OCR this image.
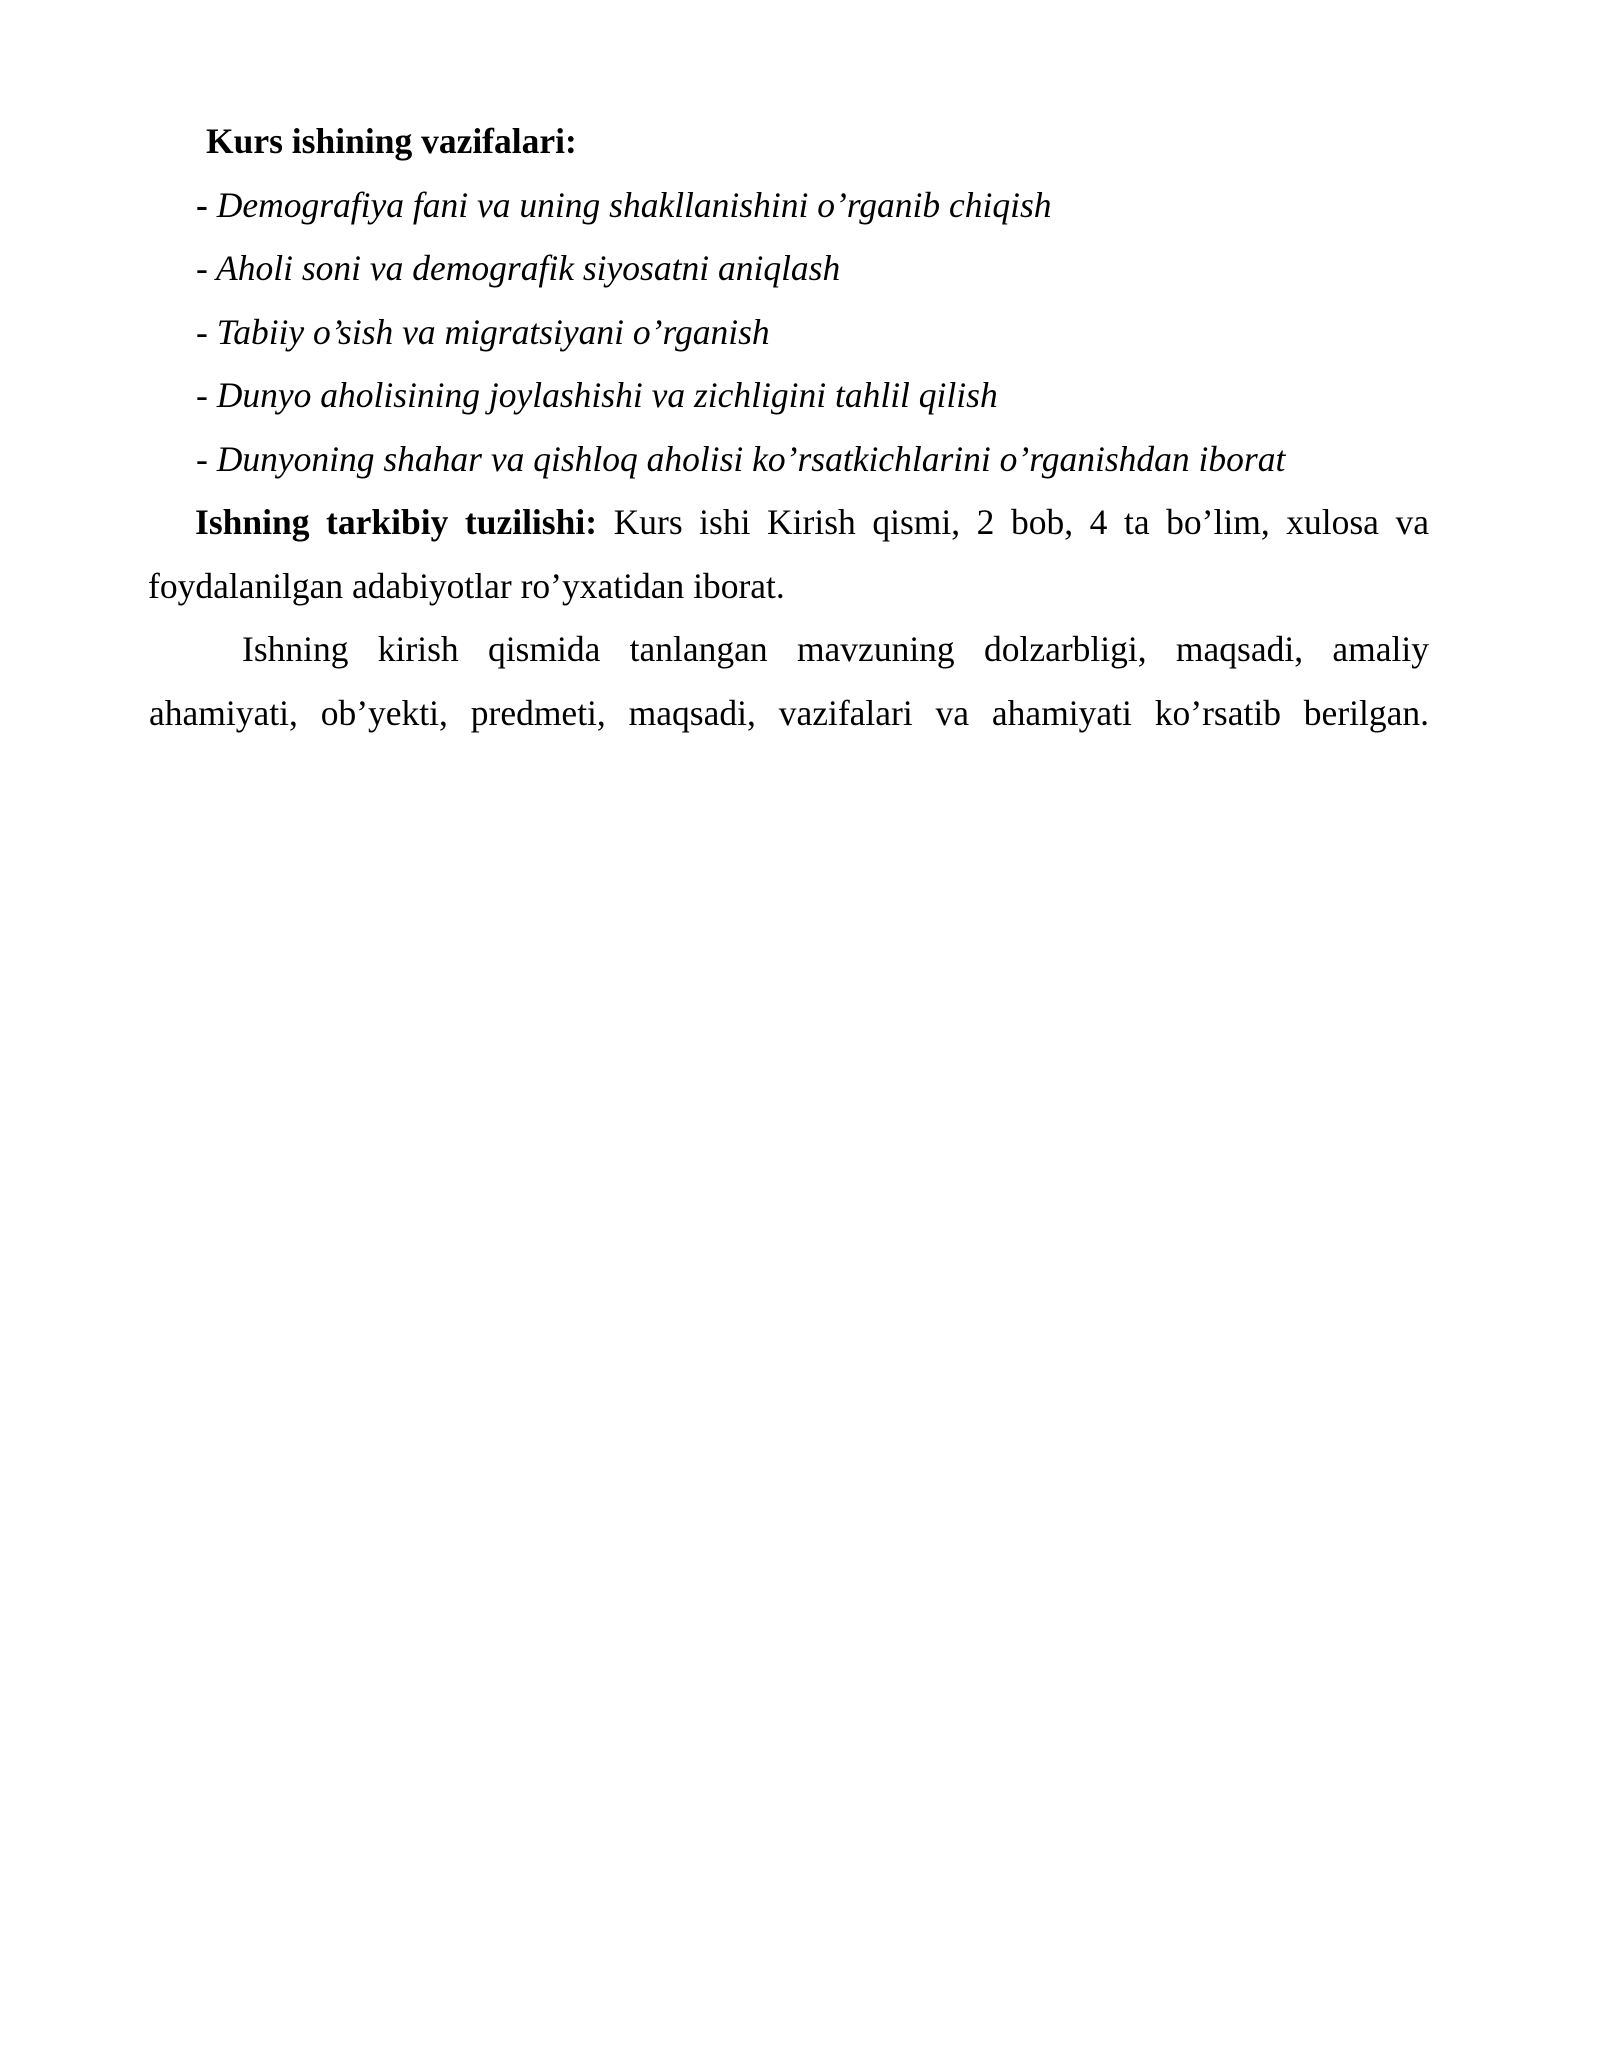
Kurs ishining vazifalari:

- Demografiya fani va uning shakllanishini o’rganib chiqish

- Aholi soni va demografik siyosatni aniqlash

- Tabiiy o’sish va migratsiyani o’rganish

- Dunyo aholisining joylashishi va zichligini tahlil qilish

- Dunyoning shahar va qishloq aholisi ko’rsatkichlarini o’rganishdan iborat

Ishning tarkibiy tuzilishi: Kurs ishi Kirish qismi, 2 bob, 4 ta bo’lim, xulosa va foydalanilgan adabiyotlar ro’yxatidan iborat.

Ishning kirish qismida tanlangan mavzuning dolzarbligi, maqsadi, amaliy ahamiyati, ob’yekti, predmeti, maqsadi, vazifalari va ahamiyati ko’rsatib berilgan.
